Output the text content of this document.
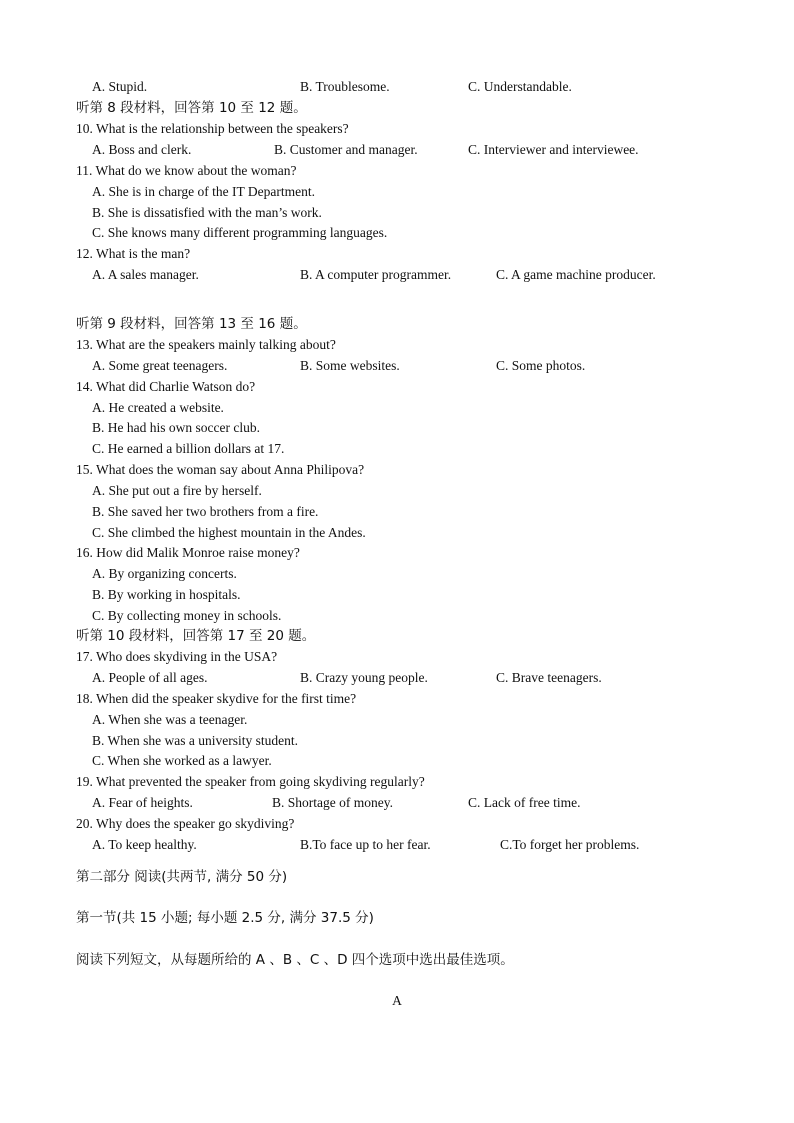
A. Stupid.	B. Troublesome.	C. Understandable.
听第 8 段材料，回答第 10 至 12 题。
10. What is the relationship between the speakers?
A. Boss and clerk.	B. Customer and manager.	C. Interviewer and interviewee.
11. What do we know about the woman?
A. She is in charge of the IT Department.
B. She is dissatisfied with the man’s work.
C. She knows many different programming languages.
12. What is the man?
A. A sales manager.	B. A computer programmer.	C. A game machine producer.
听第 9 段材料，回答第 13 至 16 题。
13. What are the speakers mainly talking about?
A. Some great teenagers.	B. Some websites.	C. Some photos.
14. What did Charlie Watson do?
A. He created a website.
B. He had his own soccer club.
C. He earned a billion dollars at 17.
15. What does the woman say about Anna Philipova?
A. She put out a fire by herself.
B. She saved her two brothers from a fire.
C. She climbed the highest mountain in the Andes.
16. How did Malik Monroe raise money?
A. By organizing concerts.
B. By working in hospitals.
C. By collecting money in schools.
听第 10 段材料，回答第 17 至 20 题。
17. Who does skydiving in the USA?
A. People of all ages.	B. Crazy young people.	C. Brave teenagers.
18. When did the speaker skydive for the first time?
A. When she was a teenager.
B. When she was a university student.
C. When she worked as a lawyer.
19. What prevented the speaker from going skydiving regularly?
A. Fear of heights.	B. Shortage of money.	C. Lack of free time.
20. Why does the speaker go skydiving?
A. To keep healthy.	B.To face up to her fear.	C.To forget her problems.
第二部分 阅读(共两节, 满分 50 分)
第一节(共 15 小题; 每小题 2.5 分, 满分 37.5 分)
阅读下列短文，从每题所给的 A 、B 、C 、D 四个选项中选出最佳选项。
A
